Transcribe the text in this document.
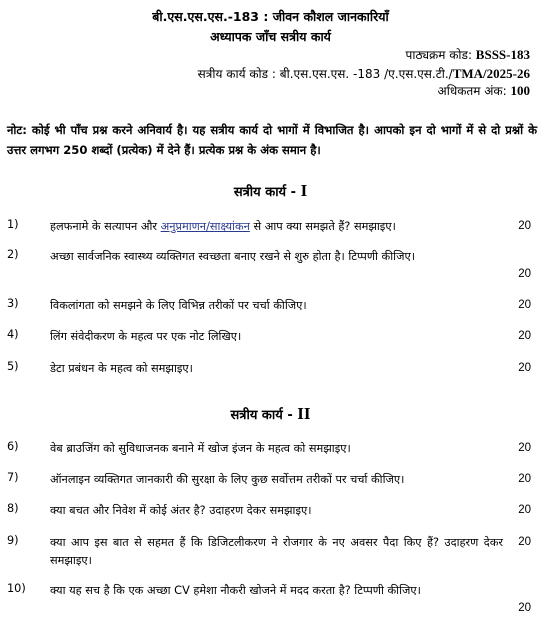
बी.एस.एस.एस.-183 : जीवन कौशल जानकारियाँ
अध्यापक जाँच सत्रीय कार्य
पाठ्यक्रम कोड: BSSS-183
सत्रीय कार्य कोड : बी.एस.एस.एस. -183 /ए.एस.एस.टी./TMA/2025-26
अधिकतम अंक: 100
नोट: कोई भी पाँच प्रश्न करने अनिवार्य है। यह सत्रीय कार्य दो भागों में विभाजित है। आपको इन दो भागों में से दो प्रश्नों के उत्तर लगभग 250 शब्दों (प्रत्येक) में देने हैं। प्रत्येक प्रश्न के अंक समान है।
सत्रीय कार्य - I
1)	हलफनामे के सत्यापन और अनुप्रमाणन/साक्ष्यांकन से आप क्या समझते हैं? समझाइए।	20
2)	अच्छा सार्वजनिक स्वास्थ्य व्यक्तिगत स्वच्छता बनाए रखने से शुरु होता है। टिप्पणी कीजिए।
20
3)	विकलांगता को समझने के लिए विभिन्न तरीकों पर चर्चा कीजिए।	20
4)	लिंग संवेदीकरण के महत्व पर एक नोट लिखिए।	20
5)	डेटा प्रबंधन के महत्व को समझाइए।	20
सत्रीय कार्य - II
6)	वेब ब्राउजिंग को सुविधाजनक बनाने में खोज इंजन के महत्व को समझाइए।	20
7)	ऑनलाइन व्यक्तिगत जानकारी की सुरक्षा के लिए कुछ सर्वोत्तम तरीकों पर चर्चा कीजिए।	20
8)	क्या बचत और निवेश में कोई अंतर है? उदाहरण देकर समझाइए।	20
9)	क्या आप इस बात से सहमत हैं कि डिजिटलीकरण ने रोजगार के नए अवसर पैदा किए हैं? उदाहरण देकर समझाइए।
20
10) क्या यह सच है कि एक अच्छा CV हमेशा नौकरी खोजने में मदद करता है? टिप्पणी कीजिए।
20
